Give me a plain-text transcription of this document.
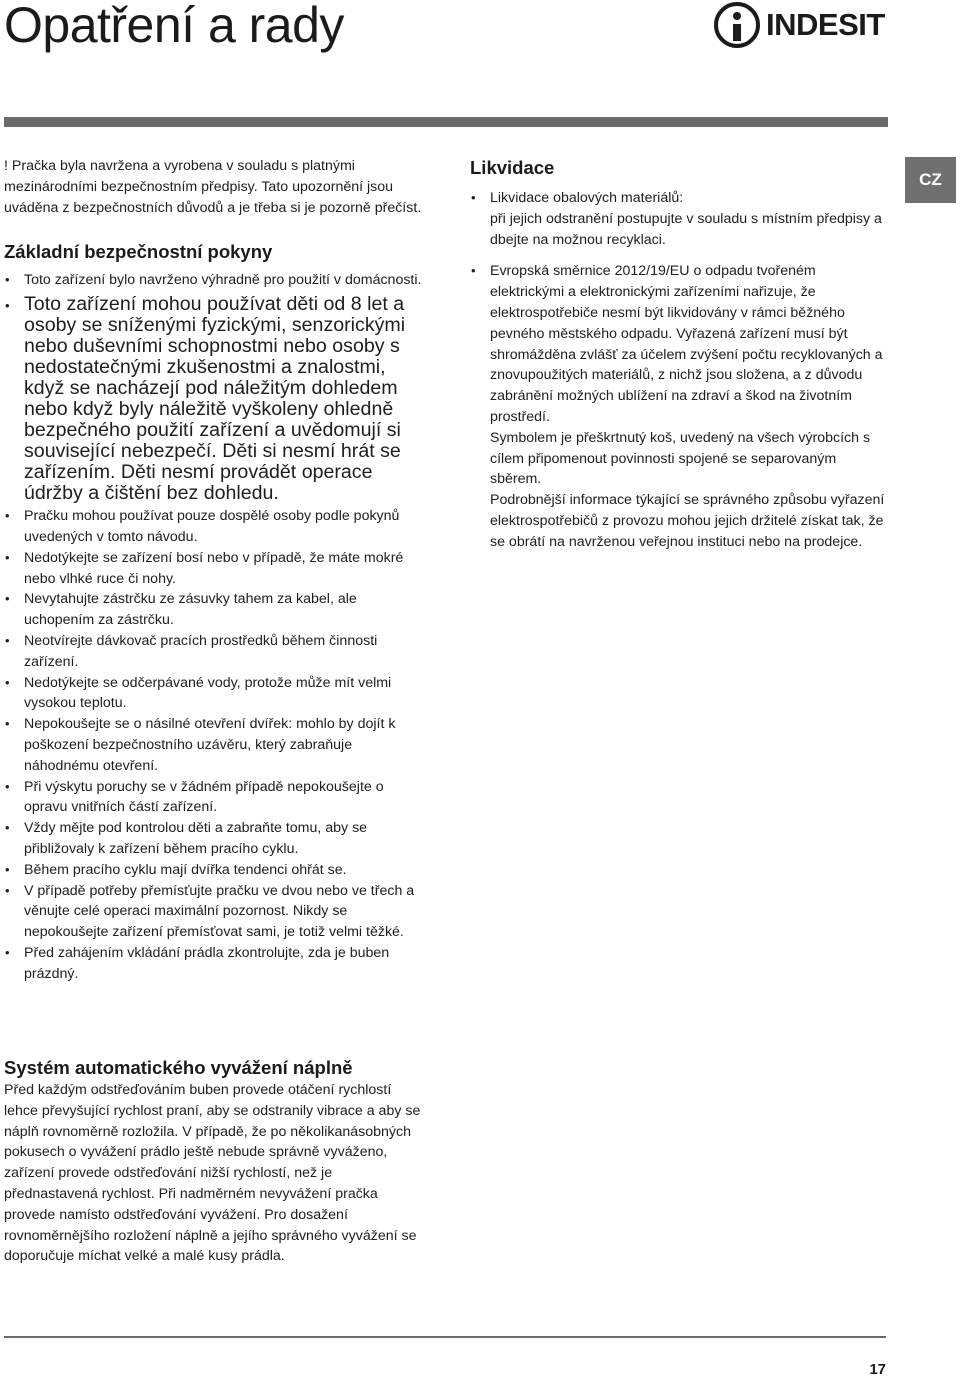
Opatření a rady	INDESIT
CZ

! Pračka byla navržena a vyrobena v souladu s platnými mezinárodními bezpečnostním předpisy. Tato upozornění jsou uváděna z bezpečnostních důvodů a je třeba si je pozorně přečíst.

Základní bezpečnostní pokyny
• Toto zařízení bylo navrženo výhradně pro použití v domácnosti.
• Toto zařízení mohou používat děti od 8 let a osoby se sníženými fyzickými, senzorickými nebo duševními schopnostmi nebo osoby s nedostatečnými zkušenostmi a znalostmi, když se nacházejí pod náležitým dohledem nebo když byly náležitě vyškoleny ohledně bezpečného použití zařízení a uvědomují si související nebezpečí. Děti si nesmí hrát se zařízením. Děti nesmí provádět operace údržby a čištění bez dohledu.
• Pračku mohou používat pouze dospělé osoby podle pokynů uvedených v tomto návodu.
• Nedotýkejte se zařízení bosí nebo v případě, že máte mokré nebo vlhké ruce či nohy.
• Nevytahujte zástrčku ze zásuvky tahem za kabel, ale uchopením za zástrčku.
• Neotvírejte dávkovač pracích prostředků během činnosti zařízení.
• Nedotýkejte se odčerpávané vody, protože může mít velmi vysokou teplotu.
• Nepokoušejte se o násilné otevření dvířek: mohlo by dojít k poškození bezpečnostního uzávěru, který zabraňuje náhodnému otevření.
• Při výskytu poruchy se v žádném případě nepokoušejte o opravu vnitřních částí zařízení.
• Vždy mějte pod kontrolou děti a zabraňte tomu, aby se přibližovaly k zařízení během pracího cyklu.
• Během pracího cyklu mají dvířka tendenci ohřát se.
• V případě potřeby přemísťujte pračku ve dvou nebo ve třech a věnujte celé operaci maximální pozornost. Nikdy se nepokoušejte zařízení přemísťovat sami, je totiž velmi těžké.
• Před zahájením vkládání prádla zkontrolujte, zda je buben prázdný.
Systém automatického vyvážení náplně

Před každým odstřeďováním buben provede otáčení rychlostí lehce převyšující rychlost praní, aby se odstranily vibrace a aby se náplň rovnoměrně rozložila. V případě, že po několikanásobných pokusech o vyvážení prádlo ještě nebude správně vyváženo, zařízení provede odstřeďování nižší rychlostí, než je přednastavená rychlost. Při nadměrném nevyvážení pračka provede namísto odstřeďování vyvážení. Pro dosažení rovnoměrnějšího rozložení náplně a jejího správného vyvážení se doporučuje míchat velké a malé kusy prádla.

Likvidace
• Likvidace obalových materiálů:
při jejich odstranění postupujte v souladu s místním předpisy a dbejte na možnou recyklaci.
• Evropská směrnice 2012/19/EU o odpadu tvořeném elektrickými a elektronickými zařízeními nařizuje, že elektrospotřebiče nesmí být likvidovány v rámci běžného pevného městského odpadu. Vyřazená zařízení musí být shromážděna zvlášť za účelem zvýšení počtu recyklovaných a znovupoužitých materiálů, z nichž jsou složena, a z důvodu zabránění možných ublížení na zdraví a škod na životním prostředí.
Symbolem je přeškrtnutý koš, uvedený na všech výrobcích s cílem připomenout povinnosti spojené se separovaným sběrem.
Podrobnější informace týkající se správného způsobu vyřazení elektrospotřebičů z provozu mohou jejich držitelé získat tak, že se obrátí na navrženou veřejnou instituci nebo na prodejce.
17
